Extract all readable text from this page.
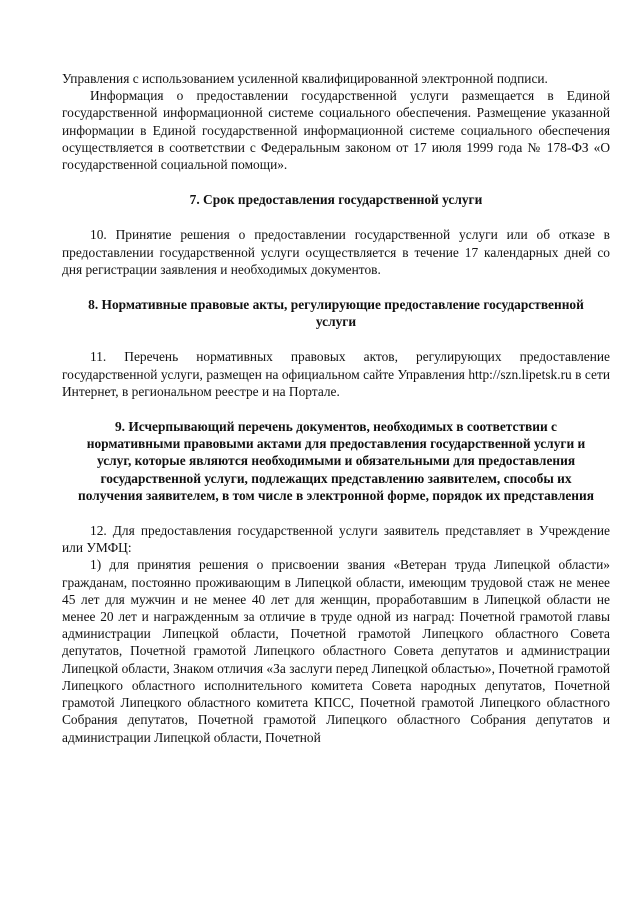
Управления с использованием усиленной квалифицированной электронной подписи.

Информация о предоставлении государственной услуги размещается в Единой государственной информационной системе социального обеспечения. Размещение указанной информации в Единой государственной информационной системе социального обеспечения осуществляется в соответствии с Федеральным законом от 17 июля 1999 года № 178-ФЗ «О государственной социальной помощи».

7. Срок предоставления государственной услуги

10. Принятие решения о предоставлении государственной услуги или об отказе в предоставлении государственной услуги осуществляется в течение 17 календарных дней со дня регистрации заявления и необходимых документов.

8. Нормативные правовые акты, регулирующие предоставление государственной услуги

11. Перечень нормативных правовых актов, регулирующих предоставление государственной услуги, размещен на официальном сайте Управления http://szn.lipetsk.ru в сети Интернет, в региональном реестре и на Портале.

9. Исчерпывающий перечень документов, необходимых в соответствии с нормативными правовыми актами для предоставления государственной услуги и услуг, которые являются необходимыми и обязательными для предоставления государственной услуги, подлежащих представлению заявителем, способы их получения заявителем, в том числе в электронной форме, порядок их представления

12. Для предоставления государственной услуги заявитель представляет в Учреждение или УМФЦ:

1) для принятия решения о присвоении звания «Ветеран труда Липецкой области» гражданам, постоянно проживающим в Липецкой области, имеющим трудовой стаж не менее 45 лет для мужчин и не менее 40 лет для женщин, проработавшим в Липецкой области не менее 20 лет и награжденным за отличие в труде одной из наград: Почетной грамотой главы администрации Липецкой области, Почетной грамотой Липецкого областного Совета депутатов, Почетной грамотой Липецкого областного Совета депутатов и администрации Липецкой области, Знаком отличия «За заслуги перед Липецкой областью», Почетной грамотой Липецкого областного исполнительного комитета Совета народных депутатов, Почетной грамотой Липецкого областного комитета КПСС, Почетной грамотой Липецкого областного Собрания депутатов, Почетной грамотой Липецкого областного Собрания депутатов и администрации Липецкой области, Почетной
